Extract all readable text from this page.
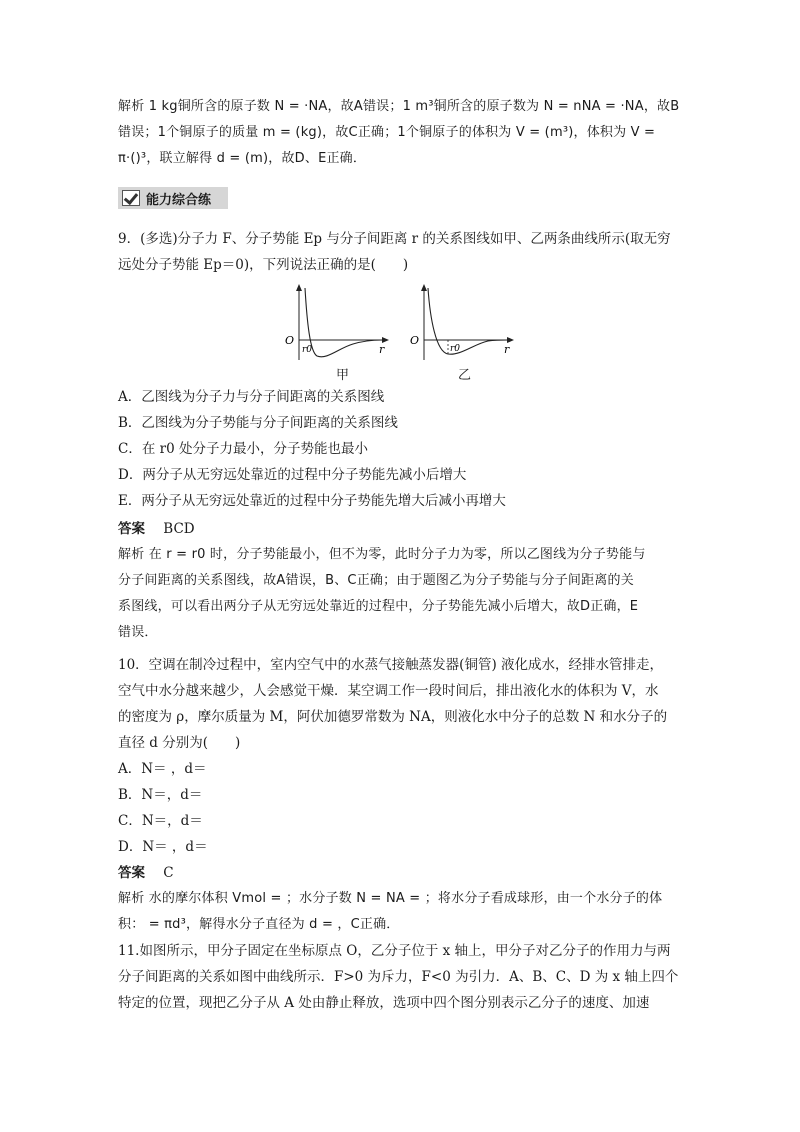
解析 1 kg铜所含的原子数 N = ·NA，故A错误；1 m³铜所含的原子数为 N = nNA = ·NA，故B
错误；1个铜原子的质量 m = (kg)，故C正确；1个铜原子的体积为 V = (m³)，体积为 V =
π·()³，联立解得 d = (m)，故D、E正确．
能力综合练
9．(多选)分子力 F、分子势能 Ep 与分子间距离 r 的关系图线如甲、乙两条曲线所示(取无穷
远处分子势能 Ep＝0)，下列说法正确的是(　　)
O
r0	r
甲
O
r0	r
乙
A．乙图线为分子力与分子间距离的关系图线
B．乙图线为分子势能与分子间距离的关系图线
C．在 r0 处分子力最小，分子势能也最小
D．两分子从无穷远处靠近的过程中分子势能先减小后增大
E．两分子从无穷远处靠近的过程中分子势能先增大后减小再增大
答案 BCD
解析 在 r = r0 时，分子势能最小，但不为零，此时分子力为零，所以乙图线为分子势能与
分子间距离的关系图线，故A错误，B、C正确；由于题图乙为分子势能与分子间距离的关
系图线，可以看出两分子从无穷远处靠近的过程中，分子势能先减小后增大，故D正确，E
错误．
10．空调在制冷过程中，室内空气中的水蒸气接触蒸发器(铜管) 液化成水，经排水管排走，
空气中水分越来越少，人会感觉干燥．某空调工作一段时间后，排出液化水的体积为 V，水
的密度为 ρ，摩尔质量为 M，阿伏加德罗常数为 NA，则液化水中分子的总数 N 和水分子的
直径 d 分别为(　　)
A．N＝ ，d＝
B．N＝，d＝
C．N＝，d＝
D．N＝ ，d＝
答案 C
解析 水的摩尔体积 Vmol = ；水分子数 N = NA = ；将水分子看成球形，由一个水分子的体
积： = πd³，解得水分子直径为 d = ，C正确．
11.如图所示，甲分子固定在坐标原点 O，乙分子位于 x 轴上，甲分子对乙分子的作用力与两
分子间距离的关系如图中曲线所示．F>0 为斥力，F<0 为引力．A、B、C、D 为 x 轴上四个
特定的位置，现把乙分子从 A 处由静止释放，选项中四个图分别表示乙分子的速度、加速
